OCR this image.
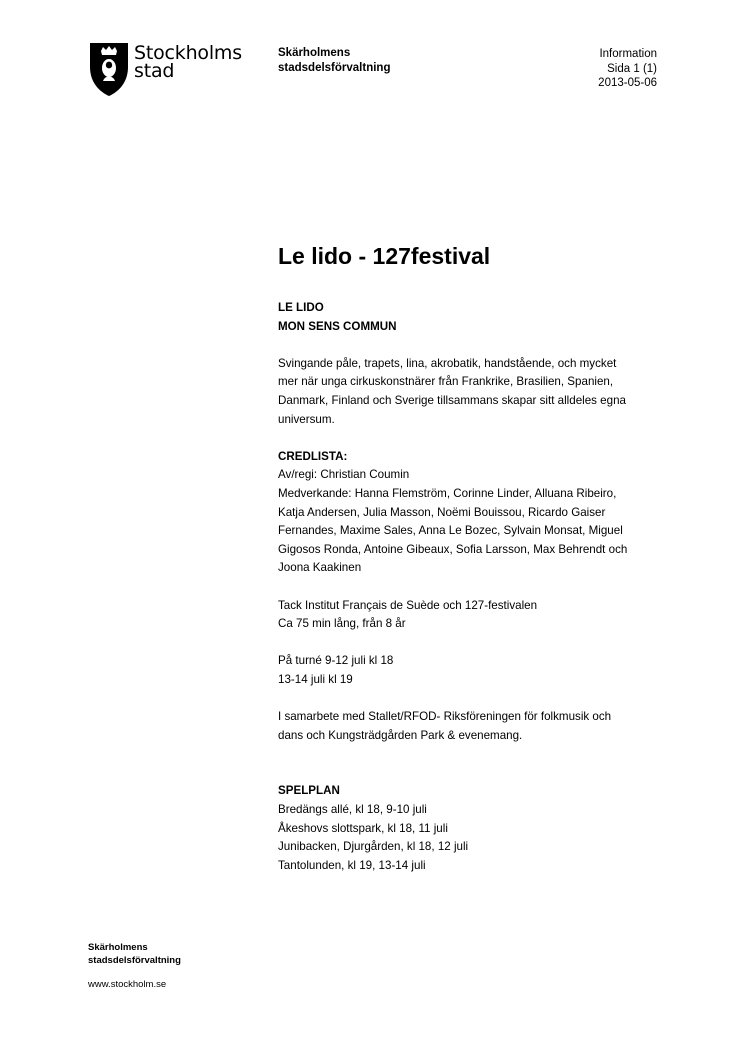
Stockholms
stad
Skärholmens
stadsdelsförvaltning
Information
Sida 1 (1)
2013-05-06
Le lido - 127festival

LE LIDO

MON SENS COMMUN

Svingande påle, trapets, lina, akrobatik, handstående, och mycket

mer när unga cirkuskonstnärer från Frankrike, Brasilien, Spanien,

Danmark, Finland och Sverige tillsammans skapar sitt alldeles egna

universum.

CREDLISTA:

Av/regi: Christian Coumin

Medverkande: Hanna Flemström, Corinne Linder, Alluana Ribeiro,

Katja Andersen, Julia Masson, Noëmi Bouissou, Ricardo Gaiser

Fernandes, Maxime Sales, Anna Le Bozec, Sylvain Monsat, Miguel

Gigosos Ronda, Antoine Gibeaux, Sofia Larsson, Max Behrendt och

Joona Kaakinen

Tack Institut Français de Suède och 127-festivalen

Ca 75 min lång, från 8 år

På turné 9-12 juli kl 18

13-14 juli kl 19

I samarbete med Stallet/RFOD- Riksföreningen för folkmusik och

dans och Kungsträdgården Park & evenemang.

SPELPLAN

Bredängs allé, kl 18, 9-10 juli

Åkeshovs slottspark, kl 18, 11 juli

Junibacken, Djurgården, kl 18, 12 juli

Tantolunden, kl 19, 13-14 juli

Skärholmens
stadsdelsförvaltning
www.stockholm.se
